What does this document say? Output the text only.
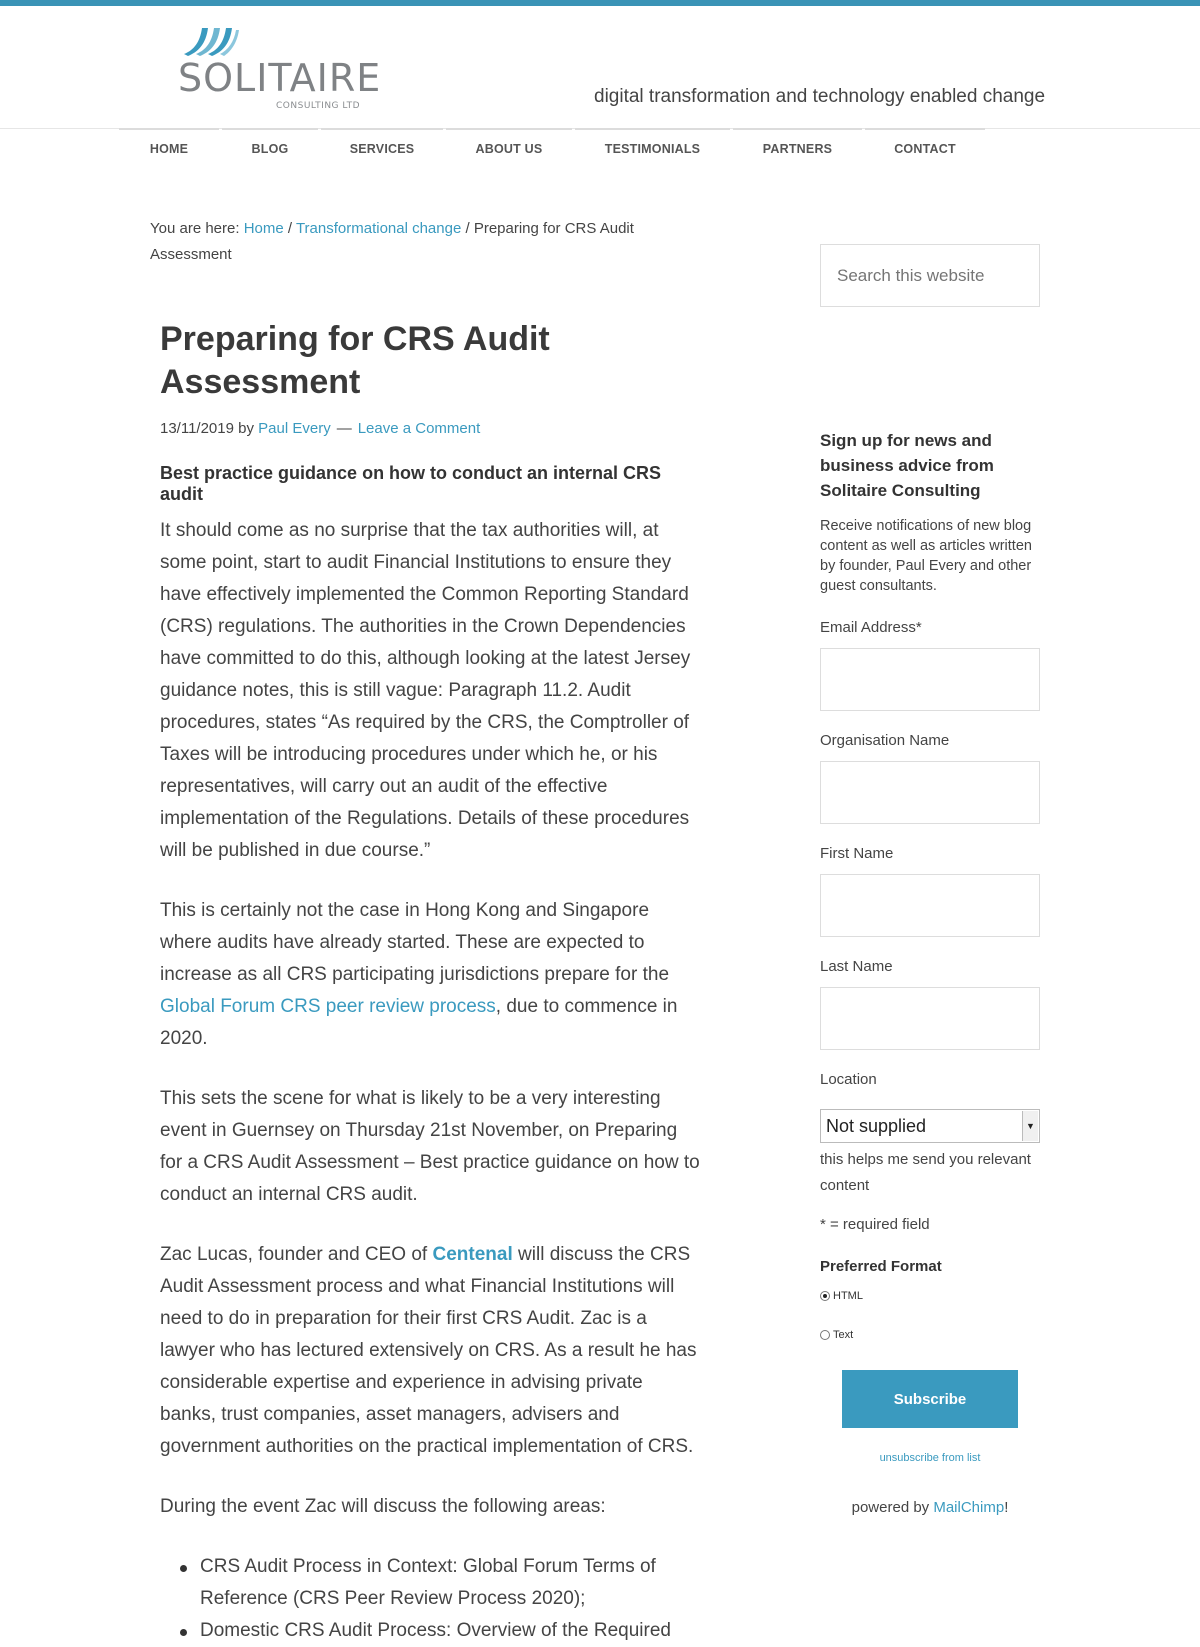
SOLITAIRE
CONSULTING LTD	digital transformation and technology enabled change
HOME	BLOG	SERVICES	ABOUT US	TESTIMONIALS	PARTNERS	CONTACT
You are here: Home / Transformational change / Preparing for CRS Audit Assessment
Preparing for CRS Audit Assessment
13/11/2019 by Paul Every — Leave a Comment
Best practice guidance on how to conduct an internal CRS audit

It should come as no surprise that the tax authorities will, at some point, start to audit Financial Institutions to ensure they have effectively implemented the Common Reporting Standard (CRS) regulations. The authorities in the Crown Dependencies have committed to do this, although looking at the latest Jersey guidance notes, this is still vague: Paragraph 11.2. Audit procedures, states “As required by the CRS, the Comptroller of Taxes will be introducing procedures under which he, or his representatives, will carry out an audit of the effective implementation of the Regulations. Details of these procedures will be published in due course.”

This is certainly not the case in Hong Kong and Singapore where audits have already started. These are expected to increase as all CRS participating jurisdictions prepare for the Global Forum CRS peer review process, due to commence in 2020.

This sets the scene for what is likely to be a very interesting event in Guernsey on Thursday 21st November, on Preparing for a CRS Audit Assessment – Best practice guidance on how to conduct an internal CRS audit.

Zac Lucas, founder and CEO of Centenal will discuss the CRS Audit Assessment process and what Financial Institutions will need to do in preparation for their first CRS Audit. Zac is a lawyer who has lectured extensively on CRS. As a result he has considerable expertise and experience in advising private banks, trust companies, asset managers, advisers and government authorities on the practical implementation of CRS.

During the event Zac will discuss the following areas:

CRS Audit Process in Context: Global Forum Terms of Reference (CRS Peer Review Process 2020);
Domestic CRS Audit Process: Overview of the Required
Search this website
Sign up for news and business advice from Solitaire Consulting
Receive notifications of new blog content as well as articles written by founder, Paul Every and other guest consultants.
Email Address*
Organisation Name
First Name
Last Name
Location
Not supplied	▼
this helps me send you relevant content
* = required field
Preferred Format
HTML
Text
Subscribe
unsubscribe from list
powered by MailChimp!
